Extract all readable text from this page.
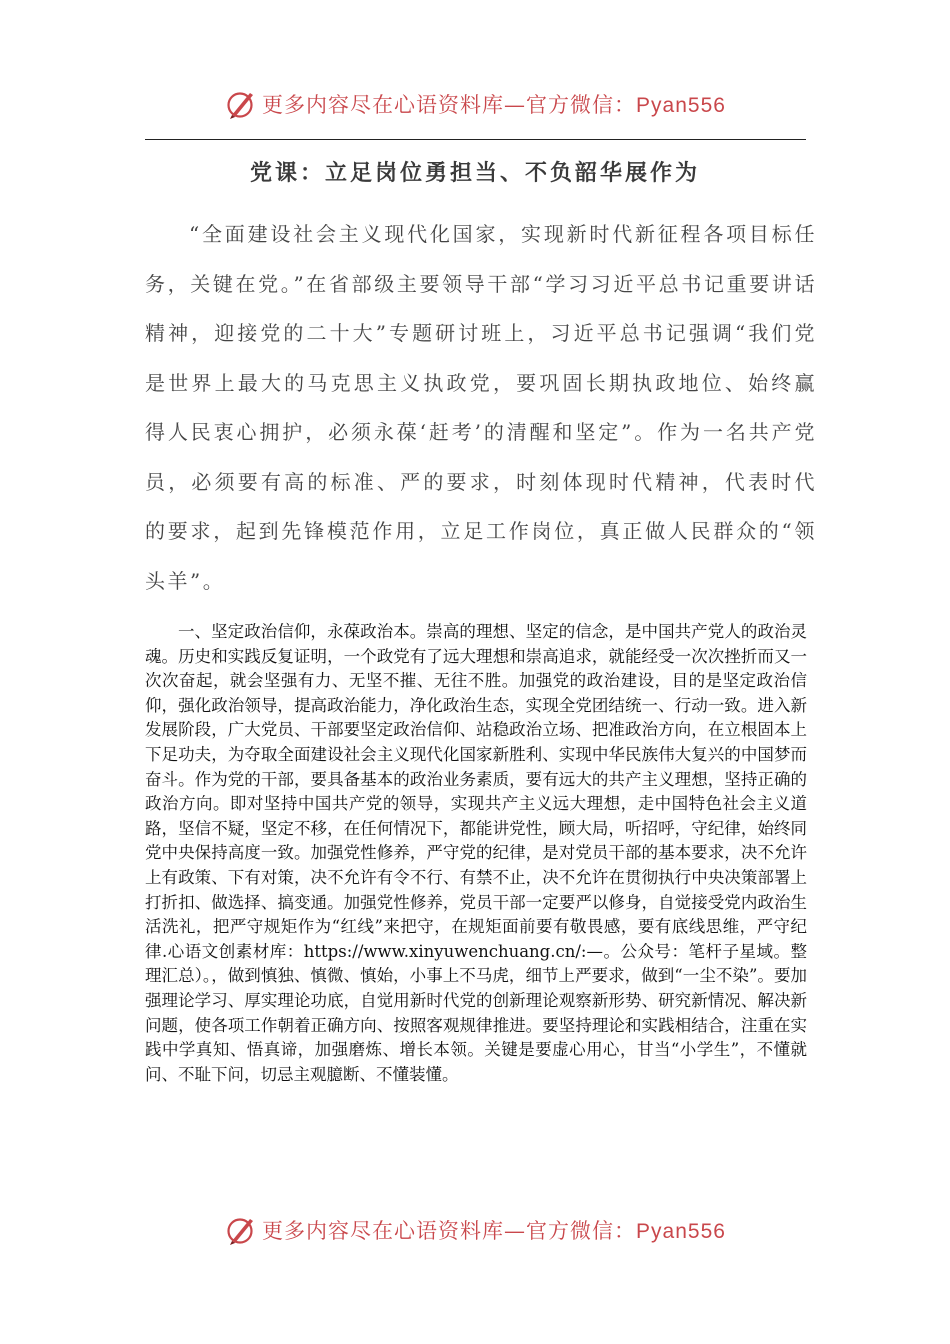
更多内容尽在心语资料库—官方微信：Pyan556
党课：立足岗位勇担当、不负韶华展作为

“全面建设社会主义现代化国家，实现新时代新征程各项目标任务，关键在党。”在省部级主要领导干部“学习习近平总书记重要讲话精神，迎接党的二十大”专题研讨班上，习近平总书记强调“我们党是世界上最大的马克思主义执政党，要巩固长期执政地位、始终赢得人民衷心拥护，必须永葆‘赶考’的清醒和坚定”。作为一名共产党员，必须要有高的标准、严的要求，时刻体现时代精神，代表时代的要求，起到先锋模范作用，立足工作岗位，真正做人民群众的“领头羊”。

一、坚定政治信仰，永葆政治本。崇高的理想、坚定的信念，是中国共产党人的政治灵魂。历史和实践反复证明，一个政党有了远大理想和崇高追求，就能经受一次次挫折而又一次次奋起，就会坚强有力、无坚不摧、无往不胜。加强党的政治建设，目的是坚定政治信仰，强化政治领导，提高政治能力，净化政治生态，实现全党团结统一、行动一致。进入新发展阶段，广大党员、干部要坚定政治信仰、站稳政治立场、把准政治方向，在立根固本上下足功夫，为夺取全面建设社会主义现代化国家新胜利、实现中华民族伟大复兴的中国梦而奋斗。作为党的干部，要具备基本的政治业务素质，要有远大的共产主义理想，坚持正确的政治方向。即对坚持中国共产党的领导，实现共产主义远大理想，走中国特色社会主义道路，坚信不疑，坚定不移，在任何情况下，都能讲党性，顾大局，听招呼，守纪律，始终同党中央保持高度一致。加强党性修养，严守党的纪律，是对党员干部的基本要求，决不允许上有政策、下有对策，决不允许有令不行、有禁不止，决不允许在贯彻执行中央决策部署上打折扣、做选择、搞变通。加强党性修养，党员干部一定要严以修身，自觉接受党内政治生活洗礼，把严守规矩作为“红线”来把守，在规矩面前要有敬畏感，要有底线思维，严守纪律.心语文创素材库：https://www.xinyuwenchuang.cn/:—。公众号：笔杆子星域。整理汇总）。，做到慎独、慎微、慎始，小事上不马虎，细节上严要求，做到“一尘不染”。要加强理论学习、厚实理论功底，自觉用新时代党的创新理论观察新形势、研究新情况、解决新问题，使各项工作朝着正确方向、按照客观规律推进。要坚持理论和实践相结合，注重在实践中学真知、悟真谛，加强磨炼、增长本领。关键是要虚心用心，甘当“小学生”，不懂就问、不耻下问，切忌主观臆断、不懂装懂。

更多内容尽在心语资料库—官方微信：Pyan556
